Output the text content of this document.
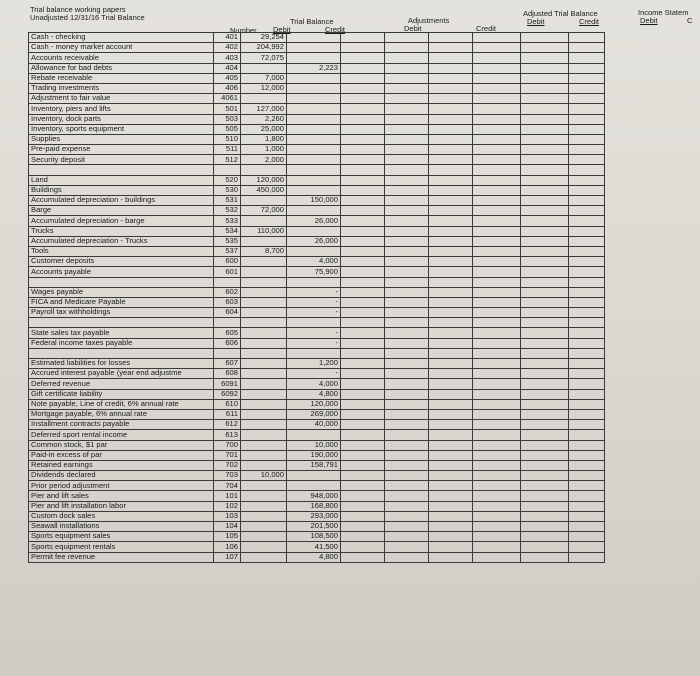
Trial balance working papers
Unadjusted 12/31/16 Trial Balance	Trial Balance	Adjustments
Adjusted Trial Balance	Income Statem
Number Debit	Credit	Debit	Credit
Debit	Credit	Debit	C
Cash - checking	401	29,254							
Cash - money market account	402	204,992							
Accounts receivable	403	72,075							
Allowance for bad debts	404		2,223						
Rebate receivable	405	7,000							
Trading investments	406	12,000							
Adjustment to fair value	4061								
Inventory, piers and lifts	501	127,000							
Inventory, dock parts	503	2,260							
Inventory, sports equipment	505	25,000							
Supplies	510	1,800							
Pre-paid expense	511	1,000							
Security deposit	512	2,000							

Land	520	120,000							
Buildings	530	450,000							
Accumulated depreciation - buildings	531		150,000						
Barge	532	72,000							
Accumulated depreciation - barge	533		26,000						
Trucks	534	110,000							
Accumulated depreciation - Trucks	535		26,000						
Tools	537	8,700							
Customer deposits	600		4,000						
Accounts payable	601		75,900						

Wages payable	602		-						
FICA and Medicare Payable	603		-						
Payroll tax withholdings	604		-						

State sales tax payable	605		-						
Federal income taxes payable	606		-						

Estimated liabilities for losses	607		1,200						
Accrued interest payable (year end adjustme	608		-						
Deferred revenue	6091		4,000						
Gift certificate liability	6092		4,800						
Note payable, Line of credit, 6% annual rate	610		120,000						
Mortgage payable, 6% annual rate	611		269,000						
Installment contracts payable	612		40,000						
Deferred sport rental income	613								
Common stock, $1 par	700		10,000						
Paid-in excess of par	701		190,000						
Retained earnings	702		158,791						
Dividends declared	703	10,000							
Prior period adjustment	704								
Pier and lift sales	101		948,000						
Pier and lift installation labor	102		168,800						
Custom dock sales	103		293,000						
Seawall installations	104		201,500						
Sports equipment sales	105		108,500						
Sports equipment rentals	106		41,500						
Permit fee revenue	107		4,800						
